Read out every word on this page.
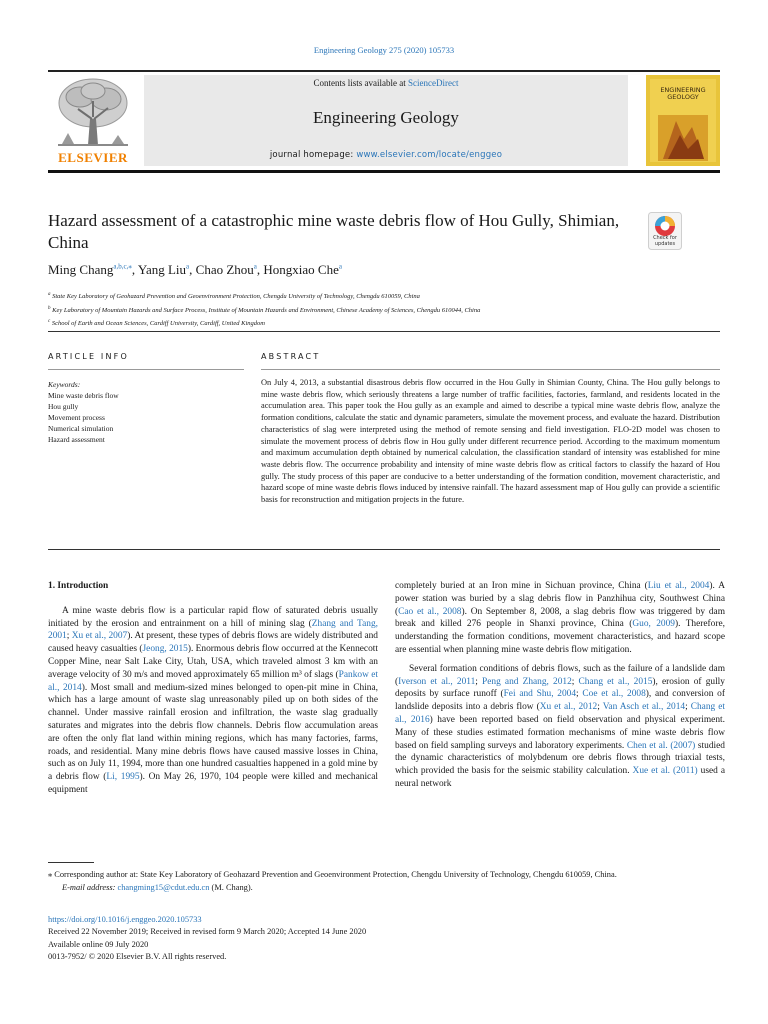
Engineering Geology 275 (2020) 105733
ELSEVIER
Contents lists available at ScienceDirect
Engineering Geology
journal homepage: www.elsevier.com/locate/enggeo
ENGINEERING
GEOLOGY
Hazard assessment of a catastrophic mine waste debris flow of Hou Gully, Shimian, China	Check for
updates
Ming Chang$^{a,b,c,⁎}$, Yang Liu$^a$, Chao Zhou$^a$, Hongxiao Che$^a$
$^a$ State Key Laboratory of Geohazard Prevention and Geoenvironment Protection, Chengdu University of Technology, Chengdu 610059, China
$^b$ Key Laboratory of Mountain Hazards and Surface Process, Institute of Mountain Hazards and Environment, Chinese Academy of Sciences, Chengdu 610044, China
$^c$ School of Earth and Ocean Sciences, Cardiff University, Cardiff, United Kingdom
ARTICLE INFO	ABSTRACT
Keywords:
Mine waste debris flow
Hou gully
Movement process
Numerical simulation
Hazard assessment
On July 4, 2013, a substantial disastrous debris flow occurred in the Hou Gully in Shimian County, China. The Hou gully belongs to mine waste debris flow, which seriously threatens a large number of traffic facilities, factories, farmland, and residents located in the accumulation area. This paper took the Hou gully as an example and aimed to describe a typical mine waste debris flow, analyze the formation conditions, calculate the static and dynamic parameters, simulate the movement process, and evaluate the hazard. Distribution characteristics of slag were interpreted using the method of remote sensing and field investigation. FLO-2D model was chosen to simulate the movement process of debris flow in Hou gully under different recurrence period. According to the maximum momentum and maximum accumulation depth obtained by numerical calculation, the classification standard of intensity was established for mine waste debris flow. The occurrence probability and intensity of mine waste debris flow as critical factors to classify the hazard of Hou gully. The study process of this paper are conducive to a better understanding of the formation condition, movement characteristic, and hazard scope of mine waste debris flows induced by intensive rainfall. The hazard assessment map of Hou gully can provide a scientific basis for reconstruction and mitigation projects in the future.
1. Introduction

A mine waste debris flow is a particular rapid flow of saturated debris usually initiated by the erosion and entrainment on a hill of mining slag (Zhang and Tang, 2001; Xu et al., 2007). At present, these types of debris flows are widely distributed and caused heavy casualties (Jeong, 2015). Enormous debris flow occurred at the Kennecott Copper Mine, near Salt Lake City, Utah, USA, which traveled almost 3 km with an average velocity of 30 m/s and moved approximately 65 million m³ of slags (Pankow et al., 2014). Most small and medium-sized mines belonged to open-pit mine in China, which has a large amount of waste slag unreasonably piled up on both sides of the channel. Under massive rainfall erosion and infiltration, the waste slag gradually saturates and migrates into the debris flow channels. Debris flow accumulation areas are often the only flat land within mining regions, which has many factories, farms, roads, and residential. Many mine debris flows have caused massive losses in China, such as on July 11, 1994, more than one hundred casualties happened in a gold mine by a debris flow (Li, 1995). On May 26, 1970, 104 people were killed and mechanical equipment

completely buried at an Iron mine in Sichuan province, China (Liu et al., 2004). A power station was buried by a slag debris flow in Panzhihua city, Southwest China (Cao et al., 2008). On September 8, 2008, a slag debris flow was triggered by dam break and killed 276 people in Shanxi province, China (Guo, 2009). Therefore, understanding the formation conditions, movement characteristics, and hazard scope are essential when planning mine waste debris flow mitigation.

Several formation conditions of debris flows, such as the failure of a landslide dam (Iverson et al., 2011; Peng and Zhang, 2012; Chang et al., 2015), erosion of gully deposits by surface runoff (Fei and Shu, 2004; Coe et al., 2008), and conversion of landslide deposits into a debris flow (Xu et al., 2012; Van Asch et al., 2014; Chang et al., 2016) have been reported based on field observation and physical experiment. Many of these studies estimated formation mechanisms of mine waste debris flow based on field sampling surveys and laboratory experiments. Chen et al. (2007) studied the dynamic characteristics of molybdenum ore debris flows through triaxial tests, which provided the basis for the seismic stability calculation. Xue et al. (2011) used a neural network

⁎ Corresponding author at: State Key Laboratory of Geohazard Prevention and Geoenvironment Protection, Chengdu University of Technology, Chengdu 610059, China.
E-mail address: changming15@cdut.edu.cn (M. Chang).
https://doi.org/10.1016/j.enggeo.2020.105733
Received 22 November 2019; Received in revised form 9 March 2020; Accepted 14 June 2020
Available online 09 July 2020
0013-7952/ © 2020 Elsevier B.V. All rights reserved.
